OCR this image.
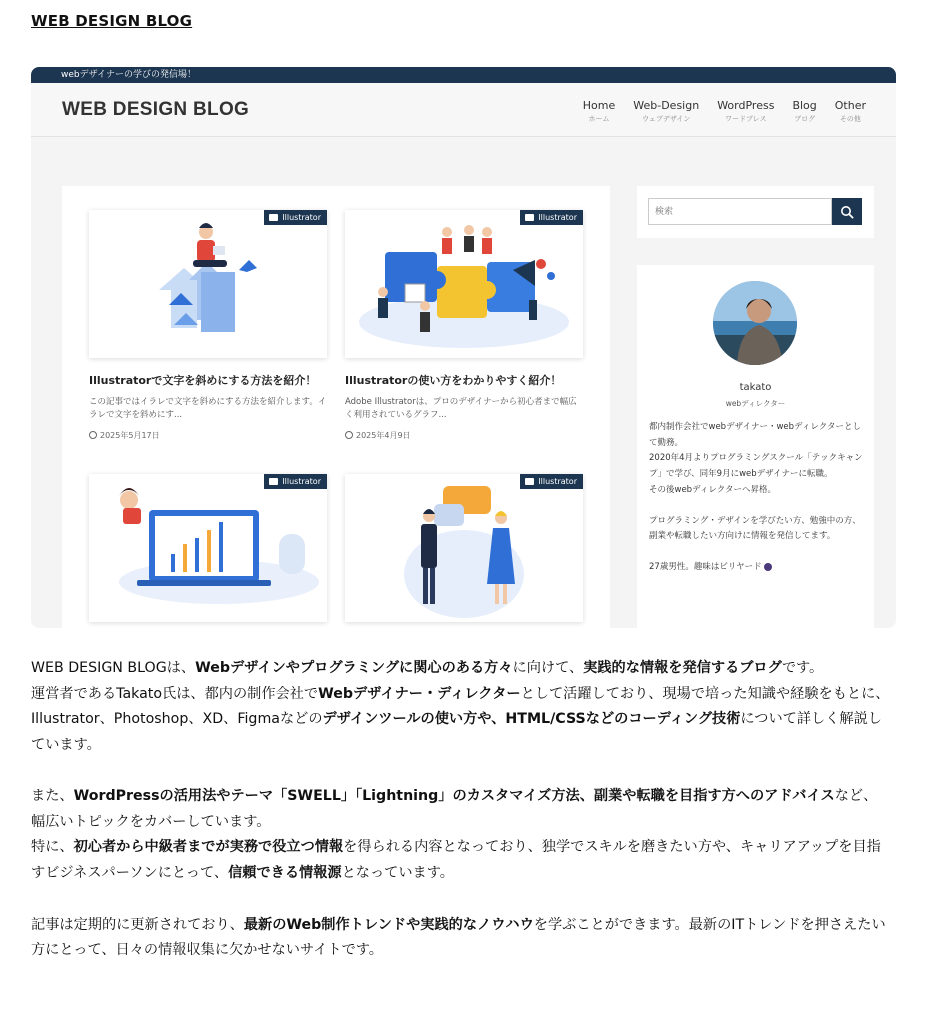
WEB DESIGN BLOG
webデザイナーの学びの発信場！
WEB DESIGN BLOG	Home
ホーム
Web-Design
ウェブデザイン
WordPress
ワードプレス
Blog
ブログ
Other
その他
Illustrator
Illustratorで文字を斜めにする方法を紹介！
この記事ではイラレで文字を斜めにする方法を紹介します。イラレで文字を斜めにす...
2025年5月17日
Illustrator
Illustratorの使い方をわかりやすく紹介！
Adobe Illustratorは、プロのデザイナーから初心者まで幅広く利用されているグラフ...
2025年4月9日
Illustrator	Illustrator
検索
takato
webディレクター

都内制作会社でwebデザイナー・webディレクターとして勤務。

2020年4月よりプログラミングスクール「テックキャンプ」で学び、同年9月にwebデザイナーに転職。

その後webディレクターへ昇格。

プログラミング・デザインを学びたい方、勉強中の方、副業や転職したい方向けに情報を発信してます。

27歳男性。趣味はビリヤード

WEB DESIGN BLOGは、Webデザインやプログラミングに関心のある方々に向けて、実践的な情報を発信するブログです。

運営者であるTakato氏は、都内の制作会社でWebデザイナー・ディレクターとして活躍しており、現場で培った知識や経験をもとに、Illustrator、Photoshop、XD、Figmaなどのデザインツールの使い方や、HTML/CSSなどのコーディング技術について詳しく解説しています。

また、WordPressの活用法やテーマ「SWELL」「Lightning」のカスタマイズ方法、副業や転職を目指す方へのアドバイスなど、幅広いトピックをカバーしています。

特に、初心者から中級者までが実務で役立つ情報を得られる内容となっており、独学でスキルを磨きたい方や、キャリアアップを目指すビジネスパーソンにとって、信頼できる情報源となっています。

記事は定期的に更新されており、最新のWeb制作トレンドや実践的なノウハウを学ぶことができます。最新のITトレンドを押さえたい方にとって、日々の情報収集に欠かせないサイトです。
